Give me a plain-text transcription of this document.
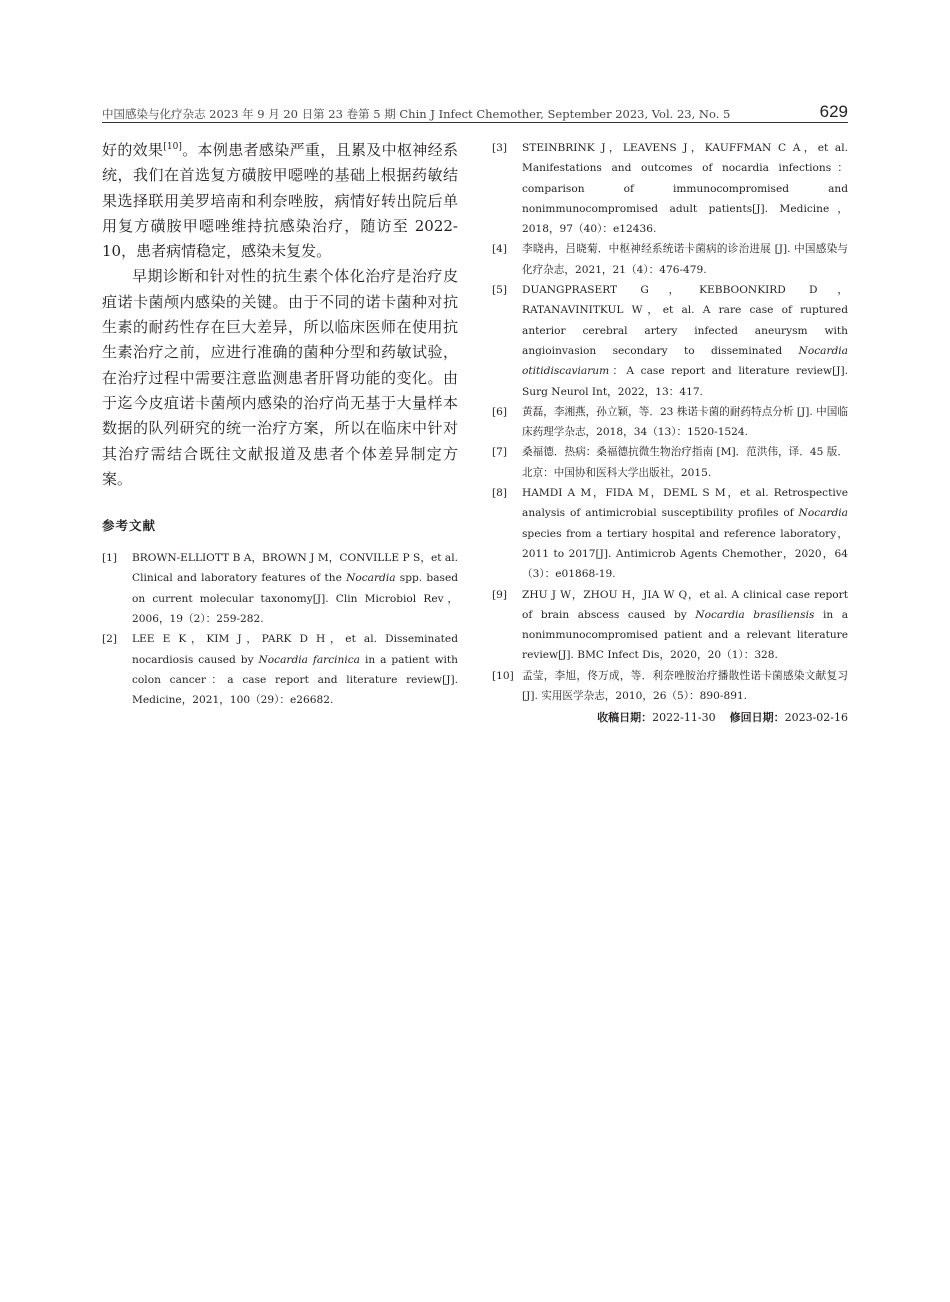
中国感染与化疗杂志 2023 年 9 月 20 日第 23 卷第 5 期 Chin J Infect Chemother, September 2023, Vol. 23, No. 5	629

好的效果[10]。本例患者感染严重，且累及中枢神经系统，我们在首选复方磺胺甲噁唑的基础上根据药敏结果选择联用美罗培南和利奈唑胺，病情好转出院后单用复方磺胺甲噁唑维持抗感染治疗，随访至 2022-10，患者病情稳定，感染未复发。

早期诊断和针对性的抗生素个体化治疗是治疗皮疽诺卡菌颅内感染的关键。由于不同的诺卡菌种对抗生素的耐药性存在巨大差异，所以临床医师在使用抗生素治疗之前，应进行准确的菌种分型和药敏试验，在治疗过程中需要注意监测患者肝肾功能的变化。由于迄今皮疽诺卡菌颅内感染的治疗尚无基于大量样本数据的队列研究的统一治疗方案，所以在临床中针对其治疗需结合既往文献报道及患者个体差异制定方案。

参考文献
[1]	BROWN-ELLIOTT B A，BROWN J M，CONVILLE P S，et al. Clinical and laboratory features of the Nocardia spp. based on current molecular taxonomy[J]. Clin Microbiol Rev，2006，19（2）：259-282.
[2]	LEE E K，KIM J，PARK D H，et al. Disseminated nocardiosis caused by Nocardia farcinica in a patient with colon cancer：a case report and literature review[J]. Medicine，2021，100（29）：e26682.
[3]	STEINBRINK J，LEAVENS J，KAUFFMAN C A，et al. Manifestations and outcomes of nocardia infections：comparison of immunocompromised and nonimmunocompromised adult patients[J]. Medicine，2018，97（40）：e12436.
[4]	李晓冉，吕晓菊．中枢神经系统诺卡菌病的诊治进展 [J]. 中国感染与化疗杂志，2021，21（4）：476-479.
[5]	DUANGPRASERT G，KEBBOONKIRD D，RATANAVINITKUL W，et al. A rare case of ruptured anterior cerebral artery infected aneurysm with angioinvasion secondary to disseminated Nocardia otitidiscaviarum：A case report and literature review[J]. Surg Neurol Int，2022，13：417.
[6]	黄磊，李湘燕，孙立颖，等．23 株诺卡菌的耐药特点分析 [J]. 中国临床药理学杂志，2018，34（13）：1520-1524.
[7]	桑福德．热病：桑福德抗微生物治疗指南 [M]．范洪伟，译．45 版．北京：中国协和医科大学出版社，2015.
[8]	HAMDI A M，FIDA M，DEML S M，et al. Retrospective analysis of antimicrobial susceptibility profiles of Nocardia species from a tertiary hospital and reference laboratory，2011 to 2017[J]. Antimicrob Agents Chemother，2020，64（3）：e01868-19.
[9]	ZHU J W，ZHOU H，JIA W Q，et al. A clinical case report of brain abscess caused by Nocardia brasiliensis in a nonimmunocompromised patient and a relevant literature review[J]. BMC Infect Dis，2020，20（1）：328.
[10] 孟莹，李旭，佟万成，等．利奈唑胺治疗播散性诺卡菌感染文献复习 [J]. 实用医学杂志，2010，26（5）：890-891.
收稿日期：2022-11-30 修回日期：2023-02-16
